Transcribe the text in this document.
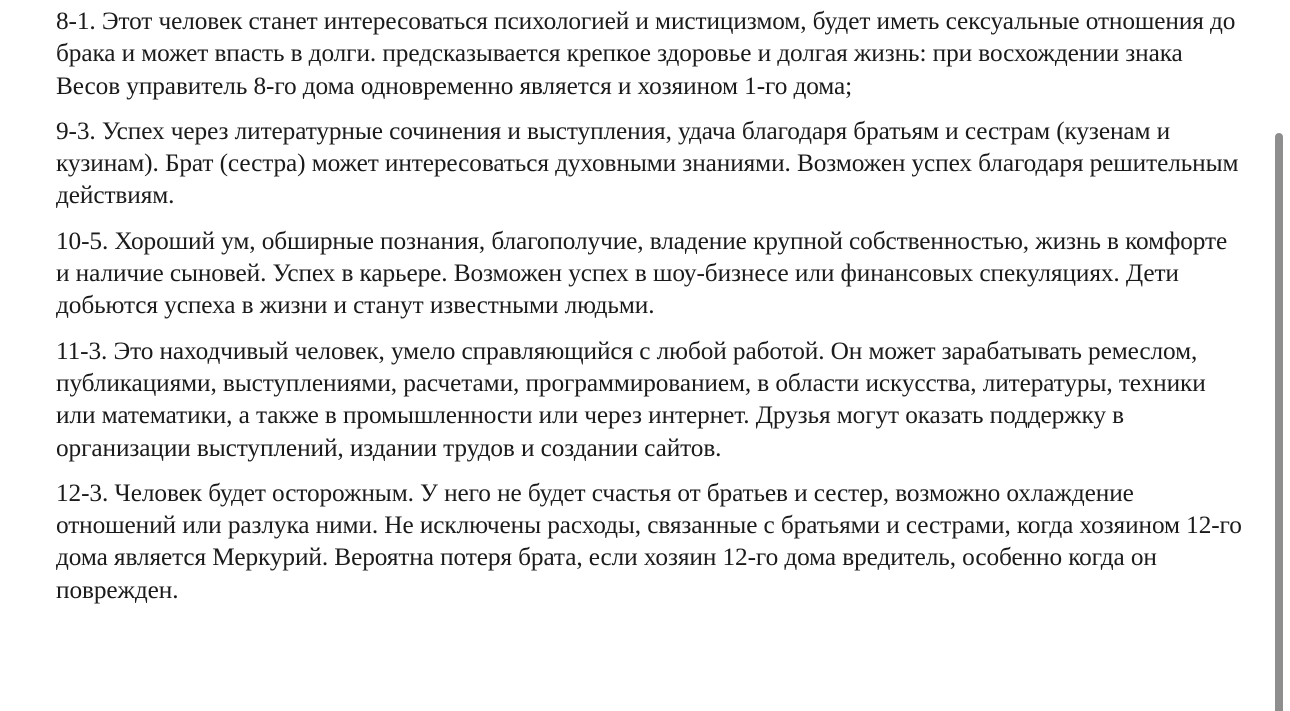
8-1. Этот человек станет интересоваться психологией и мистицизмом, будет иметь сексуальные отношения до брака и может впасть в долги. предсказывается крепкое здоровье и долгая жизнь: при восхождении знака Весов управитель 8-го дома одновременно является и хозяином 1-го дома;

9-3. Успех через литературные сочинения и выступления, удача благодаря братьям и сестрам (кузенам и кузинам). Брат (сестра) может интересоваться духовными знаниями. Возможен успех благодаря решительным действиям.

10-5. Хороший ум, обширные познания, благополучие, владение крупной собственностью, жизнь в комфорте и наличие сыновей. Успех в карьере. Возможен успех в шоу-бизнесе или финансовых спекуляциях. Дети добьются успеха в жизни и станут известными людьми.

11-3. Это находчивый человек, умело справляющийся с любой работой. Он может зарабатывать ремеслом, публикациями, выступлениями, расчетами, программированием, в области искусства, литературы, техники или математики, а также в промышленности или через интернет. Друзья могут оказать поддержку в организации выступлений, издании трудов и создании сайтов.

12-3. Человек будет осторожным. У него не будет счастья от братьев и сестер, возможно охлаждение отношений или разлука ними. Не исключены расходы, связанные с братьями и сестрами, когда хозяином 12-го дома является Меркурий. Вероятна потеря брата, если хозяин 12-го дома вредитель, особенно когда он поврежден.
